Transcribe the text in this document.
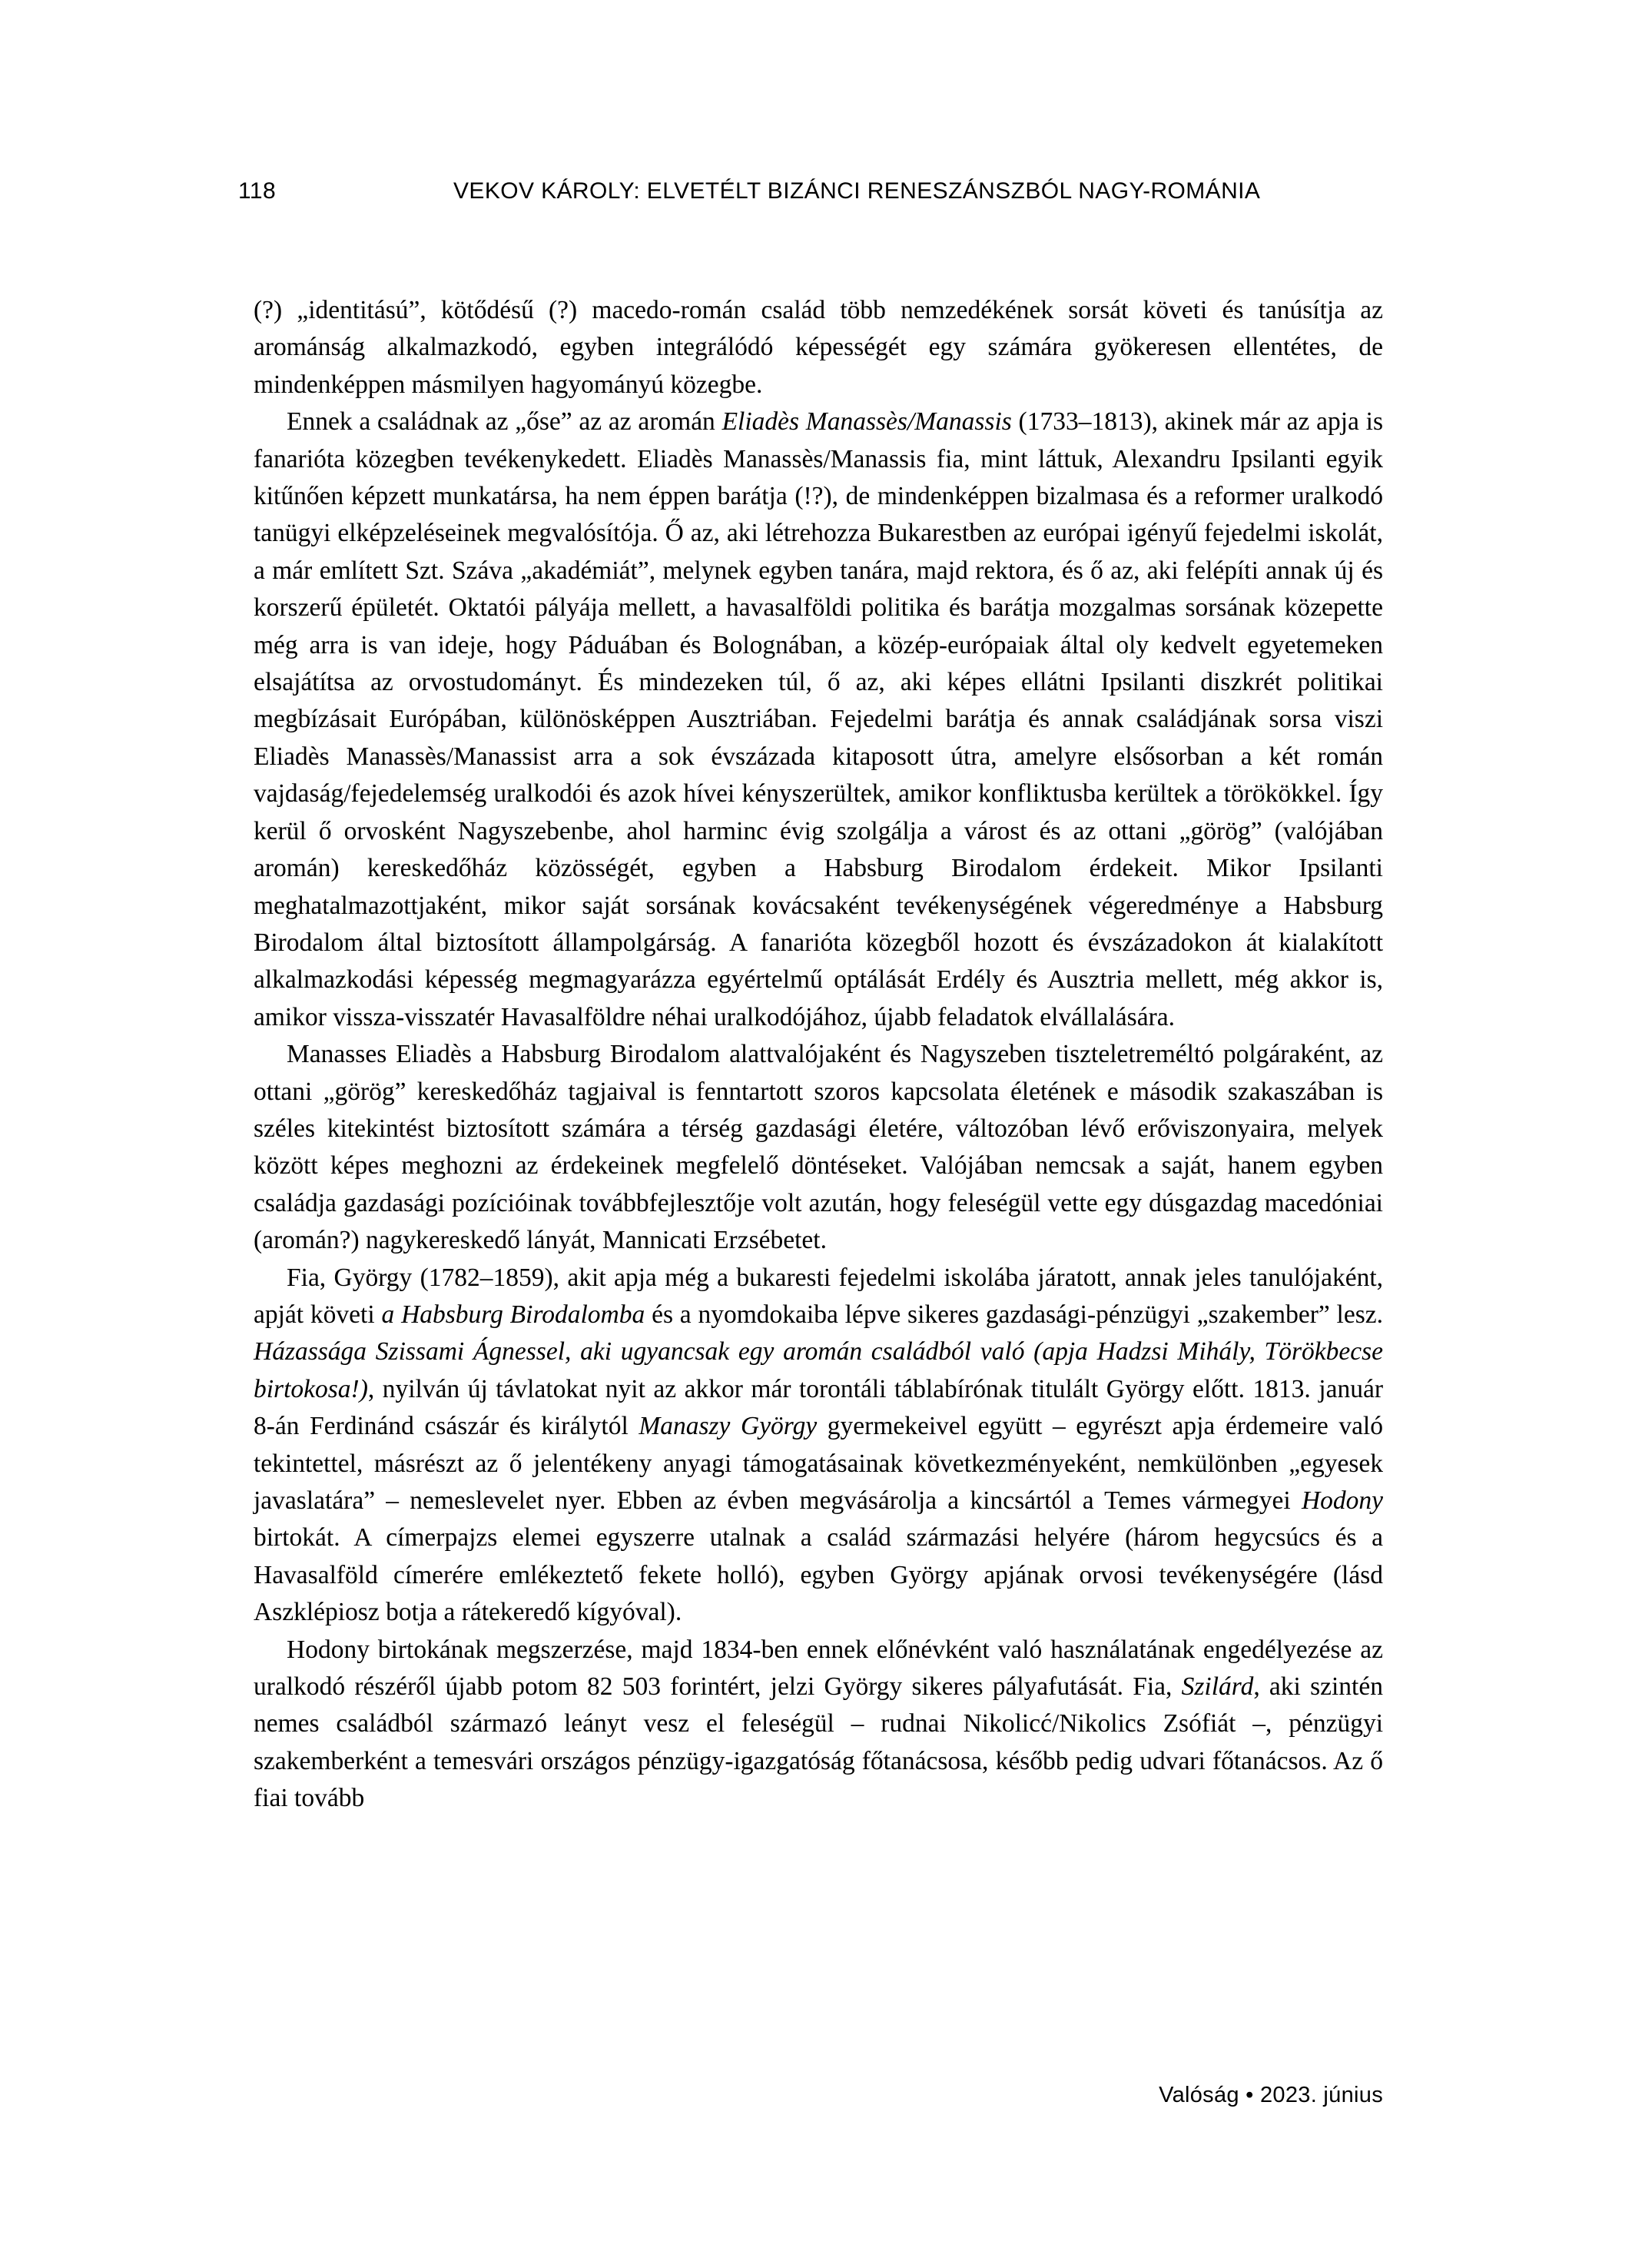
118	VEKOV KÁROLY: ELVETÉLT BIZÁNCI RENESZÁNSZBÓL NAGY-ROMÁNIA

(?) „identitású”, kötődésű (?) macedo-román család több nemzedékének sorsát követi és tanúsítja az arománság alkalmazkodó, egyben integrálódó képességét egy számára gyökeresen ellentétes, de mindenképpen másmilyen hagyományú közegbe.

Ennek a családnak az „őse” az az aromán Eliadès Manassès/Manassis (1733–1813), akinek már az apja is fanarióta közegben tevékenykedett. Eliadès Manassès/Manassis fia, mint láttuk, Alexandru Ipsilanti egyik kitűnően képzett munkatársa, ha nem éppen barátja (!?), de mindenképpen bizalmasa és a reformer uralkodó tanügyi elképzeléseinek megvalósítója. Ő az, aki létrehozza Bukarestben az európai igényű fejedelmi iskolát, a már említett Szt. Száva „akadémiát”, melynek egyben tanára, majd rektora, és ő az, aki felépíti annak új és korszerű épületét. Oktatói pályája mellett, a havasalföldi politika és barátja mozgalmas sorsának közepette még arra is van ideje, hogy Páduában és Bolognában, a közép-európaiak által oly kedvelt egyetemeken elsajátítsa az orvostudományt. És mindezeken túl, ő az, aki képes ellátni Ipsilanti diszkrét politikai megbízásait Európában, különösképpen Ausztriában. Fejedelmi barátja és annak családjának sorsa viszi Eliadès Manassès/Manassist arra a sok évszázada kitaposott útra, amelyre elsősorban a két román vajdaság/fejedelemség uralkodói és azok hívei kényszerültek, amikor konfliktusba kerültek a törökökkel. Így kerül ő orvosként Nagyszebenbe, ahol harminc évig szolgálja a várost és az ottani „görög” (valójában aromán) kereskedőház közösségét, egyben a Habsburg Birodalom érdekeit. Mikor Ipsilanti meghatalmazottjaként, mikor saját sorsának kovácsaként tevékenységének végeredménye a Habsburg Birodalom által biztosított állampolgárság. A fanarióta közegből hozott és évszázadokon át kialakított alkalmazkodási képesség megmagyarázza egyértelmű optálását Erdély és Ausztria mellett, még akkor is, amikor vissza-visszatér Havasalföldre néhai uralkodójához, újabb feladatok elvállalására.

Manasses Eliadès a Habsburg Birodalom alattvalójaként és Nagyszeben tiszteletreméltó polgáraként, az ottani „görög” kereskedőház tagjaival is fenntartott szoros kapcsolata életének e második szakaszában is széles kitekintést biztosított számára a térség gazdasági életére, változóban lévő erőviszonyaira, melyek között képes meghozni az érdekeinek megfelelő döntéseket. Valójában nemcsak a saját, hanem egyben családja gazdasági pozícióinak továbbfejlesztője volt azután, hogy feleségül vette egy dúsgazdag macedóniai (aromán?) nagykereskedő lányát, Mannicati Erzsébetet.

Fia, György (1782–1859), akit apja még a bukaresti fejedelmi iskolába járatott, annak jeles tanulójaként, apját követi a Habsburg Birodalomba és a nyomdokaiba lépve sikeres gazdasági-pénzügyi „szakember” lesz. Házassága Szissami Ágnessel, aki ugyancsak egy aromán családból való (apja Hadzsi Mihály, Törökbecse birtokosa!), nyilván új távlatokat nyit az akkor már torontáli táblabírónak titulált György előtt. 1813. január 8-án Ferdinánd császár és királytól Manaszy György gyermekeivel együtt – egyrészt apja érdemeire való tekintettel, másrészt az ő jelentékeny anyagi támogatásainak következményeként, nemkülönben „egyesek javaslatára” – nemeslevelet nyer. Ebben az évben megvásárolja a kincsártól a Temes vármegyei Hodony birtokát. A címerpajzs elemei egyszerre utalnak a család származási helyére (három hegycsúcs és a Havasalföld címerére emlékeztető fekete holló), egyben György apjának orvosi tevékenységére (lásd Aszklépiosz botja a rátekeredő kígyóval).

Hodony birtokának megszerzése, majd 1834-ben ennek előnévként való használatának engedélyezése az uralkodó részéről újabb potom 82 503 forintért, jelzi György sikeres pályafutását. Fia, Szilárd, aki szintén nemes családból származó leányt vesz el feleségül – rudnai Nikolicć/Nikolics Zsófiát –, pénzügyi szakemberként a temesvári országos pénzügy-igazgatóság főtanácsosa, később pedig udvari főtanácsos. Az ő fiai tovább

Valóság • 2023. június
